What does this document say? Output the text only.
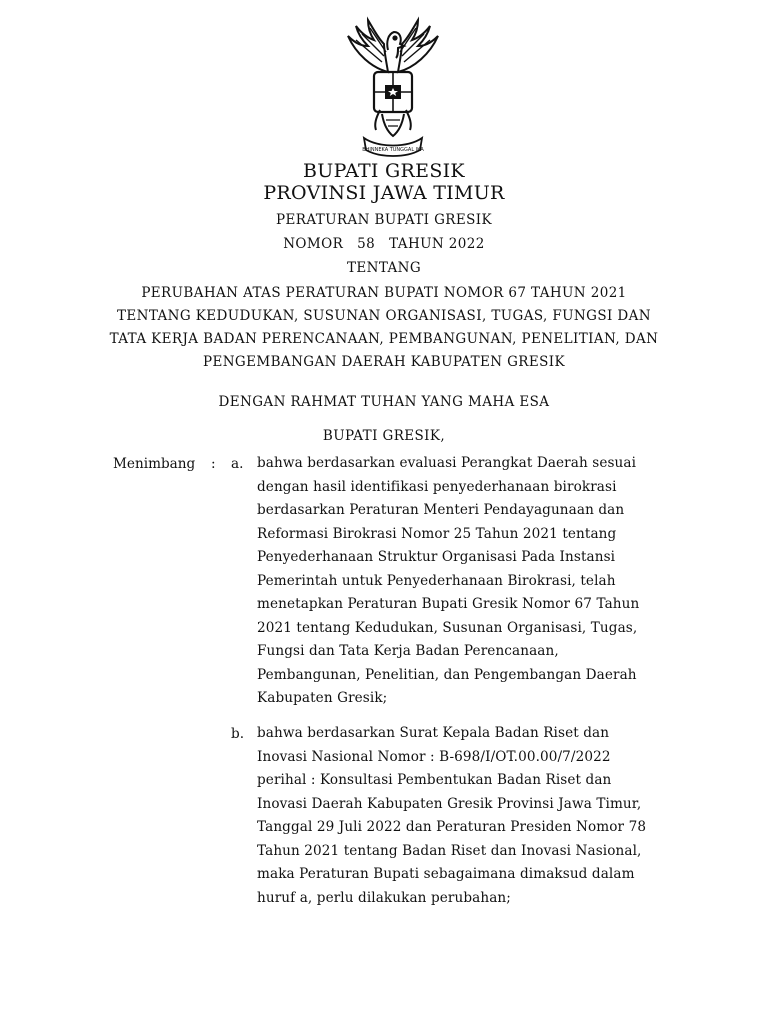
BHINNEKA TUNGGAL IKA
BUPATI GRESIK
PROVINSI JAWA TIMUR
PERATURAN BUPATI GRESIK
NOMOR 58 TAHUN 2022
TENTANG
PERUBAHAN ATAS PERATURAN BUPATI NOMOR 67 TAHUN 2021
TENTANG KEDUDUKAN, SUSUNAN ORGANISASI, TUGAS, FUNGSI DAN
TATA KERJA BADAN PERENCANAAN, PEMBANGUNAN, PENELITIAN, DAN
PENGEMBANGAN DAERAH KABUPATEN GRESIK
DENGAN RAHMAT TUHAN YANG MAHA ESA
BUPATI GRESIK,
Menimbang : a. bahwa berdasarkan evaluasi Perangkat Daerah sesuai
dengan hasil identifikasi penyederhanaan birokrasi
berdasarkan Peraturan Menteri Pendayagunaan dan
Reformasi Birokrasi Nomor 25 Tahun 2021 tentang
Penyederhanaan Struktur Organisasi Pada Instansi
Pemerintah untuk Penyederhanaan Birokrasi, telah
menetapkan Peraturan Bupati Gresik Nomor 67 Tahun
2021 tentang Kedudukan, Susunan Organisasi, Tugas,
Fungsi dan Tata Kerja Badan Perencanaan,
Pembangunan, Penelitian, dan Pengembangan Daerah
Kabupaten Gresik;
b. bahwa berdasarkan Surat Kepala Badan Riset dan
Inovasi Nasional Nomor : B-698/I/OT.00.00/7/2022
perihal : Konsultasi Pembentukan Badan Riset dan
Inovasi Daerah Kabupaten Gresik Provinsi Jawa Timur,
Tanggal 29 Juli 2022 dan Peraturan Presiden Nomor 78
Tahun 2021 tentang Badan Riset dan Inovasi Nasional,
maka Peraturan Bupati sebagaimana dimaksud dalam
huruf a, perlu dilakukan perubahan;
